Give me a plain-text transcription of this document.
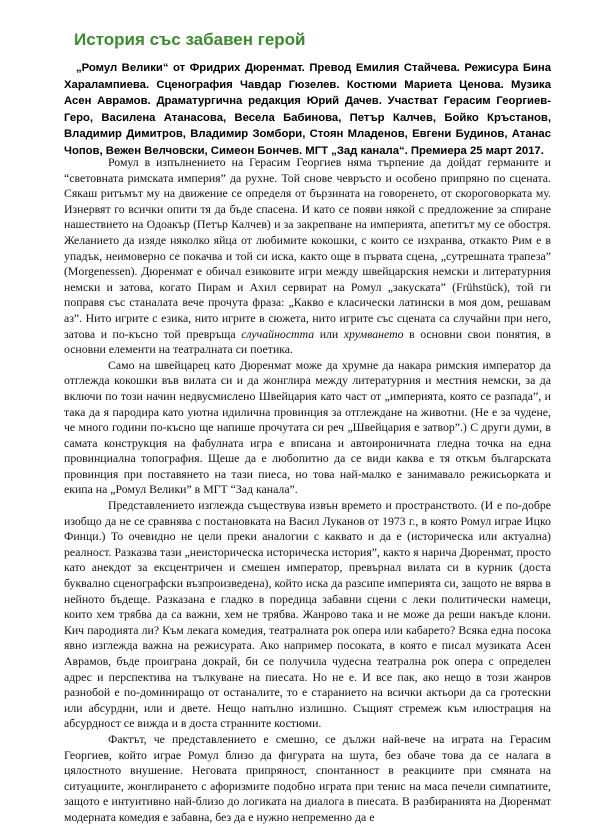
История със забавен герой

„Ромул Велики“ от Фридрих Дюренмат. Превод Емилия Стайчева. Режисура Бина Харалампиева. Сценография Чавдар Гюзелев. Костюми Мариета Ценова. Музика Асен Аврамов. Драматургична редакция Юрий Дачев. Участват Герасим Георгиев-Геро, Василена Атанасова, Весела Бабинова, Петър Калчев, Бойко Кръстанов, Владимир Димитров, Владимир Зомбори, Стоян Младенов, Евгени Будинов, Атанас Чопов, Вежен Велчовски, Симеон Бончев. МГТ „Зад канала“. Премиера 25 март 2017.

Ромул в изпълнението на Герасим Георгиев няма търпение да дойдат германите и “световната римската империя” да рухне. Той снове чевръсто и особено припряно по сцената. Сякаш ритъмът му на движение се определя от бързината на говоренето, от скороговорката му. Изнервят го всички опити тя да бъде спасена. И като се появи някой с предложение за спиране нашествието на Одоакър (Петър Калчев) и за закрепване на империята, апетитът му се обостря. Желанието да изяде няколко яйца от любимите кокошки, с които се изхранва, откакто Рим е в упадък, неимоверно се покачва и той си иска, както още в първата сцена, „сутрешната трапеза” (Morgenessen). Дюренмат е обичал езиковите игри между швейцарския немски и литературния немски и затова, когато Пирам и Ахил сервират на Ромул „закуската” (Frühstück), той ги поправя със станалата вече прочута фраза: „Какво е класически латински в моя дом, решавам аз”. Нито игрите с езика, нито игрите в сюжета, нито игрите със сцената са случайни при него, затова и по-късно той превръща случайността или хрумването в основни свои понятия, в основни елементи на театралната си поетика.

Само на швейцарец като Дюренмат може да хрумне да накара римския император да отглежда кокошки във вилата си и да жонглира между литературния и местния немски, за да включи по този начин недвусмислено Швейцария като част от „империята, която се разпада”, и така да я пародира като уютна идилична провинция за отглеждане на животни. (Не е за чудене, че много години по-късно ще напише прочутата си реч „Швейцария е затвор”.) С други думи, в самата конструкция на фабулната игра е вписана и автоироничната гледна точка на една провинциална топография. Щеше да е любопитно да се види каква е тя откъм българската провинция при поставянето на тази пиеса, но това най-малко е занимавало режисьорката и екипа на „Ромул Велики” в МГТ “Зад канала”.

Представлението изглежда съществува извън времето и пространството. (И е по-добре изобщо да не се сравнява с постановката на Васил Луканов от 1973 г., в която Ромул играе Ицко Финци.) То очевидно не цели преки аналогии с каквато и да е (историческа или актуална) реалност. Разказва тази „неисторическа историческа история”, както я нарича Дюренмат, просто като анекдот за ексцентричен и смешен император, превърнал вилата си в курник (доста буквално сценографски възпроизведена), който иска да разсипе империята си, защото не вярва в нейното бъдеще. Разказана е гладко в поредица забавни сцени с леки политически намеци, които хем трябва да са важни, хем не трябва. Жанрово така и не може да реши накъде клони. Кич пародията ли? Към лекага комедия, театралната рок опера или кабарето? Всяка една посока явно изглежда важна на режисурата. Ако например посоката, в която е писал музиката Асен Аврамов, бъде проиграна докрай, би се получила чудесна театрална рок опера с определен адрес и перспектива на тълкуване на пиесата. Но не е. И все пак, ако нещо в този жанров разнобой е по-доминиращо от останалите, то е старанието на всички актьори да са гротескни или абсурдни, или и двете. Нещо напълно излишно. Същият стремеж към илюстрация на абсурдност се вижда и в доста странните костюми.

Фактът, че представлението е смешно, се дължи най-вече на играта на Герасим Георгиев, който играе Ромул близо да фигурата на шута, без обаче това да се налага в цялостното внушение. Неговата припряност, спонтанност в реакциите при смяната на ситуациите, жонглирането с афоризмите подобно играта при тенис на маса печели симпатиите, защото е интуитивно най-близо до логиката на диалога в пиесата. В разбиранията на Дюренмат модерната комедия е забавна, без да е нужно непременно да е
